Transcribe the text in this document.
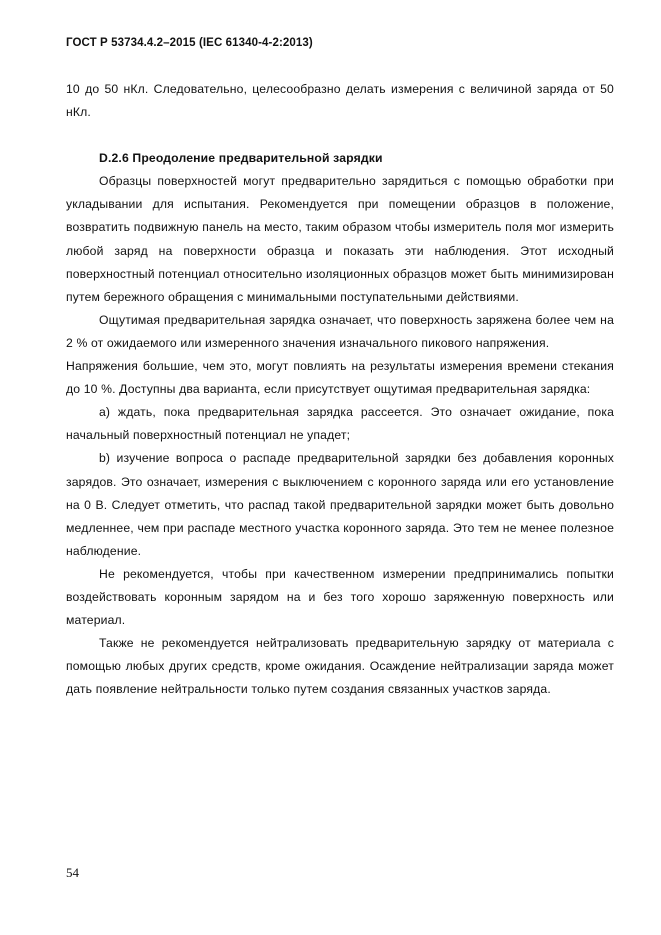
ГОСТ Р 53734.4.2–2015 (IEC 61340-4-2:2013)

10 до 50 нКл. Следовательно, целесообразно делать измерения с величиной заряда от 50 нКл.

D.2.6 Преодоление предварительной зарядки

Образцы поверхностей могут предварительно зарядиться с помощью обработки при укладывании для испытания. Рекомендуется при помещении образцов в положение, возвратить подвижную панель на место, таким образом чтобы измеритель поля мог измерить любой заряд на поверхности образца и показать эти наблюдения. Этот исходный поверхностный потенциал относительно изоляционных образцов может быть минимизирован путем бережного обращения с минимальными поступательными действиями.

Ощутимая предварительная зарядка означает, что поверхность заряжена более чем на 2 % от ожидаемого или измеренного значения изначального пикового напряжения.

Напряжения большие, чем это, могут повлиять на результаты измерения времени стекания до 10 %. Доступны два варианта, если присутствует ощутимая предварительная зарядка:

а) ждать, пока предварительная зарядка рассеется. Это означает ожидание, пока начальный поверхностный потенциал не упадет;

b) изучение вопроса о распаде предварительной зарядки без добавления коронных зарядов. Это означает, измерения с выключением с коронного заряда или его установление на 0 В. Следует отметить, что распад такой предварительной зарядки может быть довольно медленнее, чем при распаде местного участка коронного заряда. Это тем не менее полезное наблюдение.

Не рекомендуется, чтобы при качественном измерении предпринимались попытки воздействовать коронным зарядом на и без того хорошо заряженную поверхность или материал.

Также не рекомендуется нейтрализовать предварительную зарядку от материала с помощью любых других средств, кроме ожидания. Осаждение нейтрализации заряда может дать появление нейтральности только путем создания связанных участков заряда.

54
